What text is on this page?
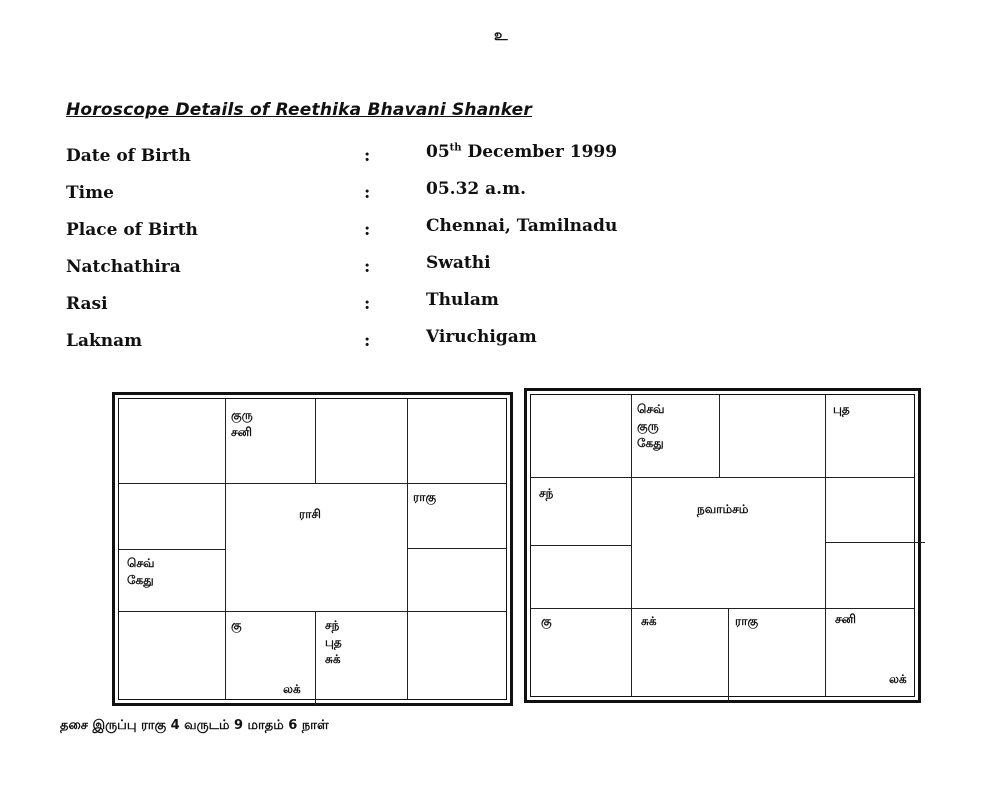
உ
Horoscope Details of Reethika Bhavani Shanker
Date of Birth	:	05th December 1999
Time	:	05.32 a.m.
Place of Birth	:	Chennai, Tamilnadu
Natchathira	:	Swathi
Rasi	:	Thulam
Laknam	:	Viruchigam
ராசி
குரு
சனி
ராகு
செவ்
கேது
கு
லக்
சந்
புத
சுக்
நவாம்சம்
செவ்
குரு
கேது
புத
சந்
கு	சுக்	ராகு	சனி
லக்
தசை இருப்பு ராகு 4 வருடம் 9 மாதம் 6 நாள்
